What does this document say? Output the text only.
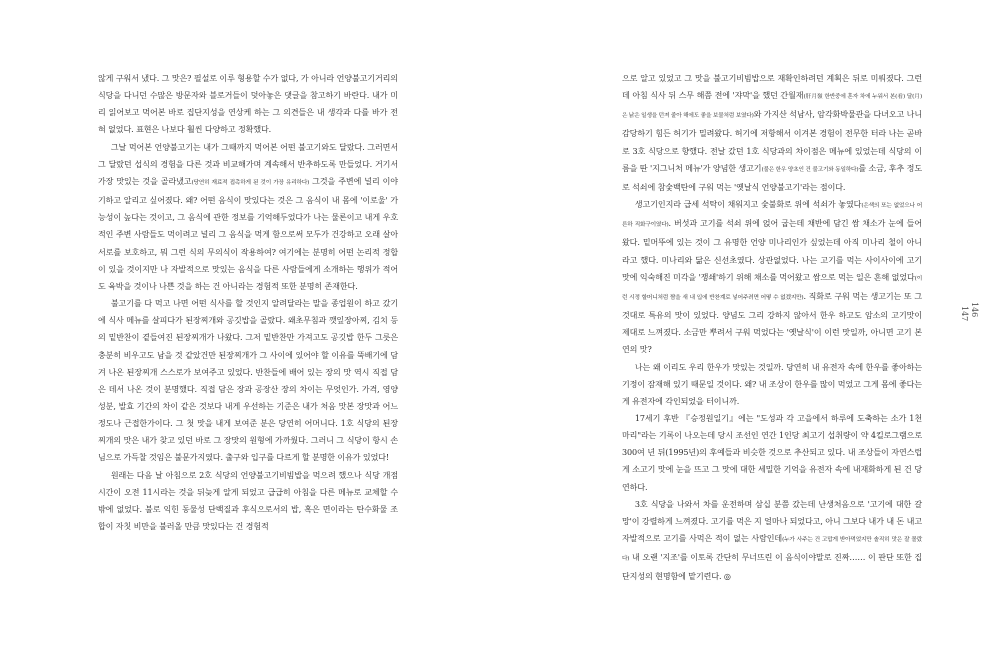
않게 구워서 냈다. 그 맛은? 필설로 이루 형용할 수가 없다, 가 아니라 언양불고기거리의 식당을 다니던 수많은 방문자와 블로거들이 덧아놓은 댓글을 참고하기 바란다. 내가 미리 읽어보고 먹어본 바로 집단지성을 연상케 하는 그 의견들은 내 생각과 다를 바가 전혀 없었다. 표현은 나보다 훨씬 다양하고 정확했다.

그날 먹어본 언양불고기는 내가 그때까지 먹어본 어떤 불고기와도 달랐다. 그러면서 그 달랐던 섭식의 경험을 다른 것과 비교해가며 계속해서 반추하도록 만들었다. 거기서 가장 맛있는 것을 골라냈고(당연히 재료적 접촉하게 된 것이 가장 유리하다) 그것을 주변에 널리 이야기하고 알리고 싶어졌다. 왜? 어떤 음식이 맛있다는 것은 그 음식이 내 몸에 '이로울' 가능성이 높다는 것이고, 그 음식에 관한 정보를 기억해두었다가 나는 물론이고 내게 우호적인 주변 사람들도 먹이려고 널리 그 음식을 먹게 함으로써 모두가 건강하고 오래 살아 서로를 보호하고, 뭐 그런 식의 무의식이 작용하여? 여기에는 분명히 어떤 논리적 정합이 있을 것이지만 나 자발적으로 맛있는 음식을 다른 사람들에게 소개하는 행위가 적어도 육박을 것이나 나쁜 것을 하는 건 아니라는 경험적 또한 분명히 존재한다.

불고기를 다 먹고 나면 어떤 식사를 할 것인지 알려달라는 말을 종업원이 하고 갔기에 식사 메뉴를 살피다가 된장찌개와 공깃밥을 골랐다. 왜초무침과 깻잎장아찌, 김치 등의 밑반찬이 곁들여진 된장찌개가 나왔다. 그저 밑반찬만 가져고도 공깃밥 한두 그릇은 충분히 비우고도 남을 것 같았건만 된장찌개가 그 사이에 있어야 할 이유를 뚝배기에 담겨 나온 된장찌개 스스로가 보여주고 있었다. 반찬들에 배어 있는 장의 맛 역시 직접 담은 데서 나온 것이 분명했다. 직접 담은 장과 공장산 장의 차이는 무엇인가. 가격, 영양 성분, 발효 기간의 차이 같은 것보다 내게 우선하는 기준은 내가 처음 맛본 장맛과 어느 정도나 근접한가이다. 그 첫 맛을 내게 보여준 분은 당연히 어머니다. 1호 식당의 된장찌개의 맛은 내가 찾고 있던 바로 그 장맛의 원형에 가까웠다. 그러니 그 식당이 항시 손님으로 가득찰 것임은 불문가지였다. 출구와 입구를 다르게 할 분명한 이유가 있었다!

원래는 다음 날 아침으로 2호 식당의 언양불고기비빔밥을 먹으려 했으나 식당 개점 시간이 오전 11시라는 것을 뒤늦게 알게 되었고 급급히 아침을 다른 메뉴로 교체할 수밖에 없었다. 불로 익힌 동물성 단백질과 후식으로서의 밥, 혹은 면이라는 탄수화물 조합이 자칫 비만을 불러올 만큼 맛있다는 건 경험적

으로 알고 있었고 그 맛을 불고기비빔밥으로 재확인하려던 계획은 뒤로 미뤄졌다. 그런데 아침 식사 뒤 스무 해쯤 전에 '쟈막'을 했던 간월재(肝月嶺 한반중에 혼자 차에 누워서 본(看) 달(月)은 낡은 일생을 던져 줄아 해에도 좋을 보물처럼 보였다)와 가지산 석남사, 암각화박물관을 다녀오고 나니 감당하기 힘든 허기가 밀려왔다. 허기에 저항해서 이겨본 경험이 전무한 터라 나는 곧바로 3호 식당으로 향했다. 전날 갔던 1호 식당과의 차이점은 메뉴에 있었는데 식당의 이름을 딴 '지그니처 메뉴'가 양념한 생고기(불은 한우 양초인 건 불고기와 동일하다)를 소금, 후추 정도로 석쇠에 참숯백탄에 구워 먹는 '옛날식 언양불고기'라는 점이다.

생고기인지라 급세 석탁이 채워지고 숯불화로 위에 석쇠가 놓였다(은색의 또는 없었으나 어른하 직화구이였다). 버섯과 고기를 석쇠 위에 얹어 굽는데 채반에 담긴 쌈 채소가 눈에 들어왔다. 밑머뚜에 있는 것이 그 유명한 언양 미나리인가 싶었는데 아직 미나리 철이 아니라고 했다. 미나리와 닮은 신선초였다. 상관없었다. 나는 고기를 먹는 사이사이에 고기 맛에 익숙해진 미각을 '쟁쇄'하기 위해 채소를 먹어왔고 쌈으로 먹는 일은 흔해 없었다(이런 시정 할머니처럼 짬을 새 내 입에 반찬계로 넣어주려면 어떻 수 없겠지만). 직화로 구워 먹는 생고기는 또 그것대로 특유의 맛이 있었다. 양념도 그리 강하지 않아서 한우 하고도 암소의 고기맛이 제대로 느껴졌다. 소금만 뿌려서 구워 먹었다는 '옛날식'이 이런 맛일까, 아니면 고기 본연의 맛?

나는 왜 이리도 우리 한우가 맛있는 것일까. 당연히 내 유전자 속에 한우를 좋아하는 기정이 잠재해 있기 때문일 것이다. 왜? 내 조상이 한우를 많이 먹었고 그게 몸에 좋다는 게 유전자에 각인되었을 터이니까.

17세기 후반 『승정원일기』에는 "도성과 각 고을에서 하루에 도축하는 소가 1천 마리"라는 기록이 나오는데 당시 조선인 연간 1인당 최고기 섭취량이 약 4킬로그램으로 300여 년 뒤(1995년)의 후예들과 비슷한 것으로 추산되고 있다. 내 조상들이 자연스럽게 소고기 맛에 눈을 뜨고 그 맛에 대한 세밀한 기억을 유전자 속에 내재화하게 된 건 당연하다.

3호 식당을 나와서 차를 운전하며 삼십 분쯤 갔는데 난생처음으로 '고기에 대한 갈망'이 강렬하게 느껴졌다. 고기를 먹은 지 얼마나 되었다고, 아니 그보다 내가 내 돈 내고 자발적으로 고기를 사먹은 적이 없는 사람인데(누가 사주는 건 고맙게 받아먹었지만 솔직히 맛은 잘 몰랐다) 내 오랜 '지조'를 이토록 간단히 무너뜨린 이 음식이야말로 진짜…… 이 판단 또한 집단지성의 현명함에 맡기련다. ◎

146
147
